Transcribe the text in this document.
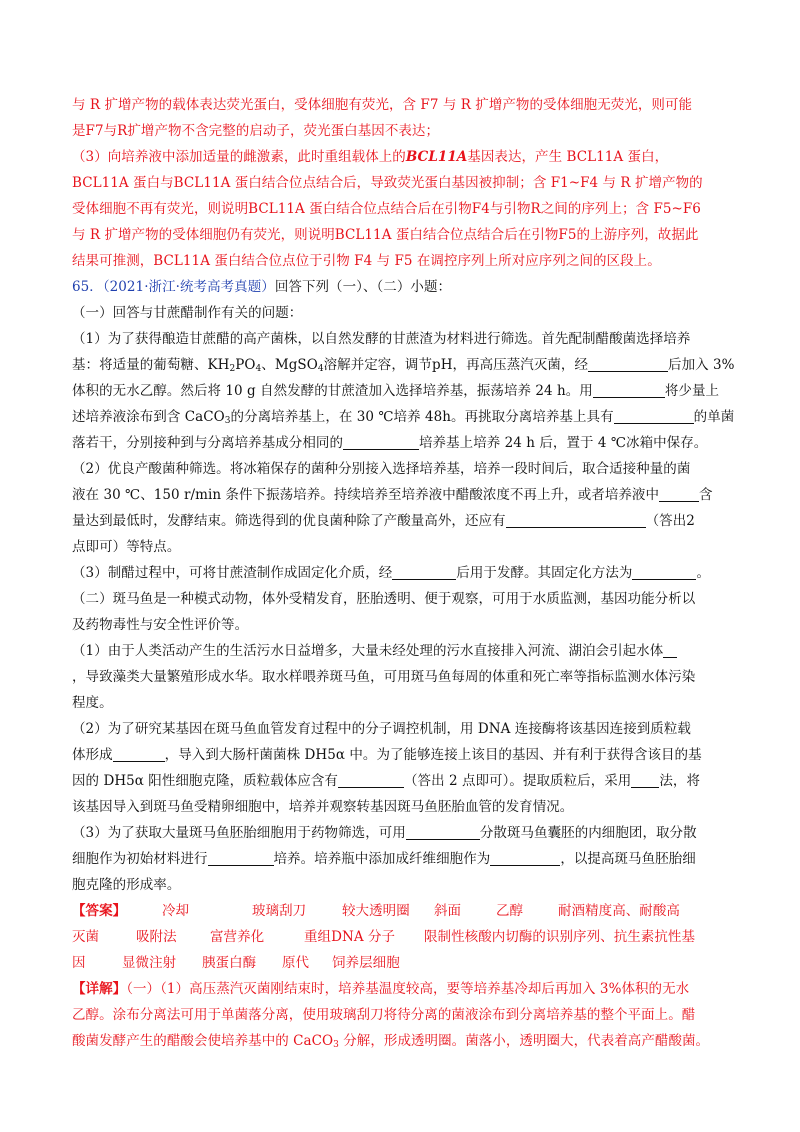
与 R 扩增产物的载体表达荧光蛋白，受体细胞有荧光，含 F7 与 R 扩增产物的受体细胞无荧光，则可能
是F7与R扩增产物不含完整的启动子，荧光蛋白基因不表达；
（3）向培养液中添加适量的雌激素，此时重组载体上的BCL11A基因表达，产生 BCL11A 蛋白，
BCL11A 蛋白与BCL11A 蛋白结合位点结合后，导致荧光蛋白基因被抑制；含 F1~F4 与 R 扩增产物的
受体细胞不再有荧光，则说明BCL11A 蛋白结合位点结合后在引物F4与引物R之间的序列上；含 F5~F6
与 R 扩增产物的受体细胞仍有荧光，则说明BCL11A 蛋白结合位点结合后在引物F5的上游序列，故据此
结果可推测，BCL11A 蛋白结合位点位于引物 F4 与 F5 在调控序列上所对应序列之间的区段上。
65．（2021·浙江·统考高考真题）回答下列（一）、（二）小题：
（一）回答与甘蔗醋制作有关的问题：
（1）为了获得酿造甘蔗醋的高产菌株，以自然发酵的甘蔗渣为材料进行筛选。首先配制醋酸菌选择培养
基：将适量的葡萄糖、$KH_2PO_4$、MgSO$_4$溶解并定容，调节pH，再高压蒸汽灭菌，经	后加入 3%
体积的无水乙醇。然后将 10 g 自然发酵的甘蔗渣加入选择培养基，振荡培养 24 h。用	将少量上
述培养液涂布到含 CaCO$_3$的分离培养基上，在 30 ℃培养 48h。再挑取分离培养基上具有	的单菌
落若干，分别接种到与分离培养基成分相同的	培养基上培养 24 h 后，置于 4 ℃冰箱中保存。
（2）优良产酸菌种筛选。将冰箱保存的菌种分别接入选择培养基，培养一段时间后，取合适接种量的菌
液在 30 ℃、150 r/min 条件下振荡培养。持续培养至培养液中醋酸浓度不再上升，或者培养液中	含
量达到最低时，发酵结束。筛选得到的优良菌种除了产酸量高外，还应有	（答出2
点即可）等特点。
（3）制醋过程中，可将甘蔗渣制作成固定化介质，经	后用于发酵。其固定化方法为	。
（二）斑马鱼是一种模式动物，体外受精发育，胚胎透明、便于观察，可用于水质监测，基因功能分析以
及药物毒性与安全性评价等。
（1）由于人类活动产生的生活污水日益增多，大量未经处理的污水直接排入河流、湖泊会引起水体
，导致藻类大量繁殖形成水华。取水样喂养斑马鱼，可用斑马鱼每周的体重和死亡率等指标监测水体污染
程度。
（2）为了研究某基因在斑马鱼血管发育过程中的分子调控机制，用 DNA 连接酶将该基因连接到质粒载
体形成	，导入到大肠杆菌菌株 DH5α 中。为了能够连接上该目的基因、并有利于获得含该目的基
因的 DH5α 阳性细胞克隆，质粒载体应含有	（答出 2 点即可）。提取质粒后，采用 法，将
该基因导入到斑马鱼受精卵细胞中，培养并观察转基因斑马鱼胚胎血管的发育情况。
（3）为了获取大量斑马鱼胚胎细胞用于药物筛选，可用	分散斑马鱼囊胚的内细胞团，取分散
细胞作为初始材料进行	培养。培养瓶中添加成纤维细胞作为	，以提高斑马鱼胚胎细
胞克隆的形成率。
【答案】	冷却	玻璃刮刀	较大透明圈 斜面	乙醇	耐酒精度高、耐酸高
灭菌	吸附法 富营养化	重组DNA 分子 限制性核酸内切酶的识别序列、抗生素抗性基
因	显微注射 胰蛋白酶 原代 饲养层细胞
【详解】（一）（1）高压蒸汽灭菌刚结束时，培养基温度较高，要等培养基冷却后再加入 3%体积的无水
乙醇。涂布分离法可用于单菌落分离，使用玻璃刮刀将待分离的菌液涂布到分离培养基的整个平面上。醋
酸菌发酵产生的醋酸会使培养基中的 CaCO$_3$ 分解，形成透明圈。菌落小，透明圈大，代表着高产醋酸菌。
